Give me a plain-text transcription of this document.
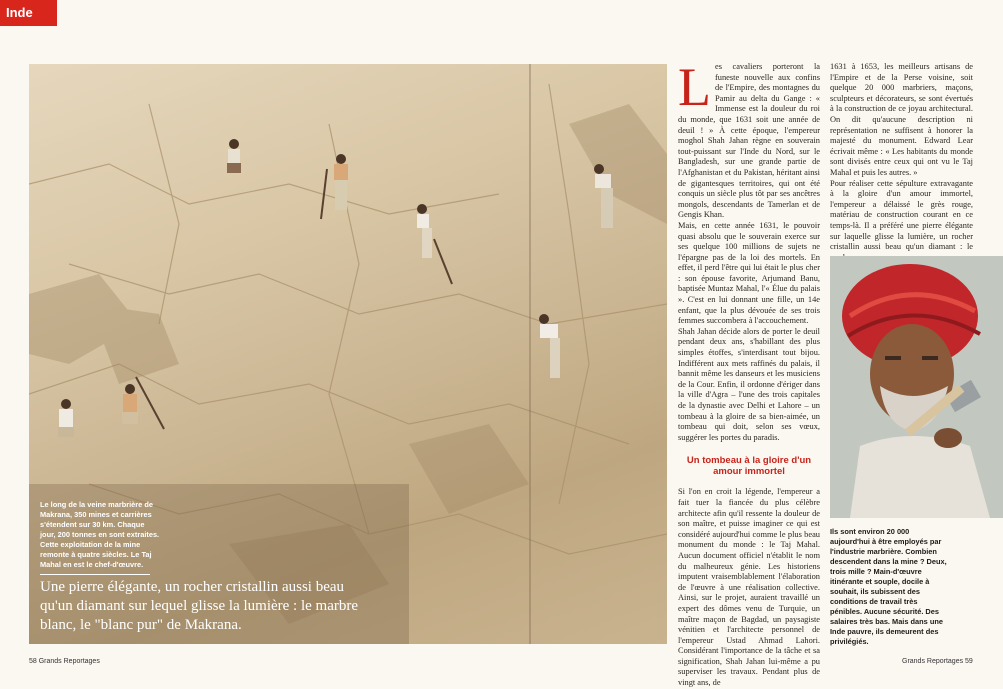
Inde

Le long de la veine marbrière de Makrana, 350 mines et carrières s'étendent sur 30 km. Chaque jour, 200 tonnes en sont extraites. Cette exploitation de la mine remonte à quatre siècles. Le Taj Mahal en est le chef-d'œuvre.

Une pierre élégante, un rocher cristallin aussi beau qu'un diamant sur lequel glisse la lumière : le marbre blanc, le "blanc pur" de Makrana.
L es cavaliers porteront la funeste nouvelle aux confins de l'Empire, des montagnes du Pamir au delta du Gange : « Immense est la douleur du roi du monde, que 1631 soit une année de deuil ! » À cette époque, l'empereur moghol Shah Jahan règne en souverain tout-puissant sur l'Inde du Nord, sur le Bangladesh, sur une grande partie de l'Afghanistan et du Pakistan, héritant ainsi de gigantesques territoires, qui ont été conquis un siècle plus tôt par ses ancêtres mongols, descendants de Tamerlan et de Gengis Khan.

Mais, en cette année 1631, le pouvoir quasi absolu que le souverain exerce sur ses quelque 100 millions de sujets ne l'épargne pas de la loi des mortels. En effet, il perd l'être qui lui était le plus cher : son épouse favorite, Arjumand Banu, baptisée Muntaz Mahal, l'« Élue du palais ». C'est en lui donnant une fille, un 14e enfant, que la plus dévouée de ses trois femmes succombera à l'accouchement.

Shah Jahan décide alors de porter le deuil pendant deux ans, s'habillant des plus simples étoffes, s'interdisant tout bijou. Indifférent aux mets raffinés du palais, il bannit même les danseurs et les musiciens de la Cour. Enfin, il ordonne d'ériger dans la ville d'Agra – l'une des trois capitales de la dynastie avec Delhi et Lahore – un tombeau à la gloire de sa bien-aimée, un tombeau qui doit, selon ses vœux, suggérer les portes du paradis.

Un tombeau à la gloire d'un amour immortel

Si l'on en croit la légende, l'empereur a fait tuer la fiancée du plus célèbre architecte afin qu'il ressente la douleur de son maître, et puisse imaginer ce qui est considéré aujourd'hui comme le plus beau monument du monde : le Taj Mahal. Aucun document officiel n'établit le nom du malheureux génie. Les historiens imputent vraisemblablement l'élaboration de l'œuvre à une réalisation collective. Ainsi, sur le projet, auraient travaillé un expert des dômes venu de Turquie, un maître maçon de Bagdad, un paysagiste vénitien et l'architecte personnel de l'empereur Ustad Ahmad Lahori. Considérant l'importance de la tâche et sa signification, Shah Jahan lui-même a pu superviser les travaux. Pendant plus de vingt ans, de

1631 à 1653, les meilleurs artisans de l'Empire et de la Perse voisine, soit quelque 20 000 marbriers, maçons, sculpteurs et décorateurs, se sont évertués à la construction de ce joyau architectural. On dit qu'aucune description ni représentation ne suffisent à honorer la majesté du monument. Edward Lear écrivait même : « Les habitants du monde sont divisés entre ceux qui ont vu le Taj Mahal et puis les autres. »

Pour réaliser cette sépulture extravagante à la gloire d'un amour immortel, l'empereur a délaissé le grès rouge, matériau de construction courant en ce temps-là. Il a préféré une pierre élégante sur laquelle glisse la lumière, un rocher cristallin aussi beau qu'un diamant : le

Ils sont environ 20 000 aujourd'hui à être employés par l'industrie marbrière. Combien descendent dans la mine ? Deux, trois mille ? Main-d'œuvre itinérante et souple, docile à souhait, ils subissent des conditions de travail très pénibles. Aucune sécurité. Des salaires très bas. Mais dans une Inde pauvre, ils demeurent des privilégiés.

58 Grands Reportages	Grands Reportages 59
